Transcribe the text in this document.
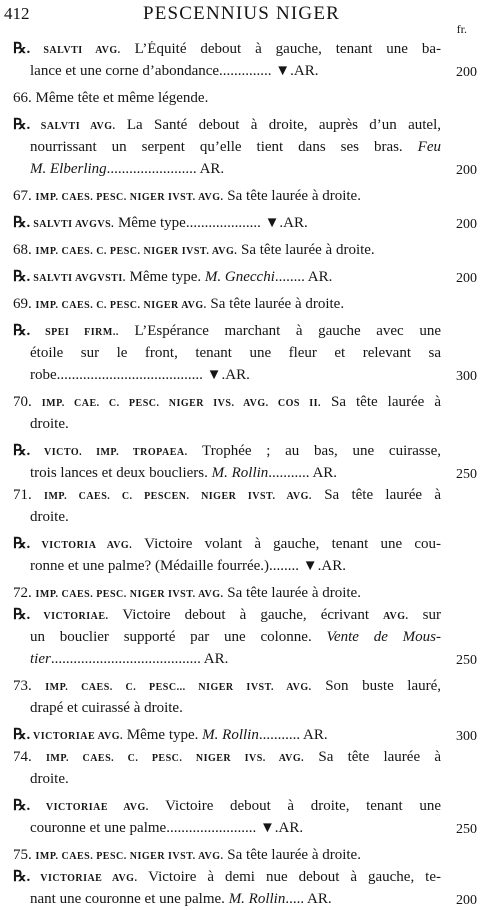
412	PESCENNIUS NIGER
fr.
℞. SALVTI AVG. L’Équité debout à gauche, tenant une ba-
lance et une corne d’abondance.............. ▼.AR.	200
66. Même tête et même légende.
℞. SALVTI AVG. La Santé debout à droite, auprès d’un autel,
nourrissant un serpent qu’elle tient dans ses bras. Feu
M. Elberling........................ AR.	200
67. IMP. CAES. PESC. NIGER IVST. AVG. Sa tête laurée à droite.
℞. SALVTI AVGVS. Même type.................... ▼.AR.	200
68. IMP. CAES. C. PESC. NIGER IVST. AVG. Sa tête laurée à droite.
℞. SALVTI AVGVSTI. Même type. M. Gnecchi........ AR.	200
69. IMP. CAES. C. PESC. NIGER AVG. Sa tête laurée à droite.
℞. SPEI FIRM.. L’Espérance marchant à gauche avec une
étoile sur le front, tenant une fleur et relevant sa
robe....................................... ▼.AR.	300
70. IMP. CAE. C. PESC. NIGER IVS. AVG. COS II. Sa tête laurée à
droite.
℞. VICTO. IMP. TROPAEA. Trophée ; au bas, une cuirasse,
trois lances et deux boucliers. M. Rollin........... AR.	250
71. IMP. CAES. C. PESCEN. NIGER IVST. AVG. Sa tête laurée à
droite.
℞. VICTORIA AVG. Victoire volant à gauche, tenant une cou-
ronne et une palme? (Médaille fourrée.)........ ▼.AR.
72. IMP. CAES. PESC. NIGER IVST. AVG. Sa tête laurée à droite.
℞. VICTORIAE. Victoire debout à gauche, écrivant AVG. sur
un bouclier supporté par une colonne. Vente de Mous-
tier........................................ AR.	250
73. IMP. CAES. C. PESC... NIGER IVST. AVG. Son buste lauré,
drapé et cuirassé à droite.
℞. VICTORIAE AVG. Même type. M. Rollin........... AR.	300
74. IMP. CAES. C. PESC. NIGER IVS. AVG. Sa tête laurée à
droite.
℞. VICTORIAE AVG. Victoire debout à droite, tenant une
couronne et une palme........................ ▼.AR.	250
75. IMP. CAES. PESC. NIGER IVST. AVG. Sa tête laurée à droite.
℞. VICTORIAE AVG. Victoire à demi nue debout à gauche, te-
nant une couronne et une palme. M. Rollin..... AR.	200
